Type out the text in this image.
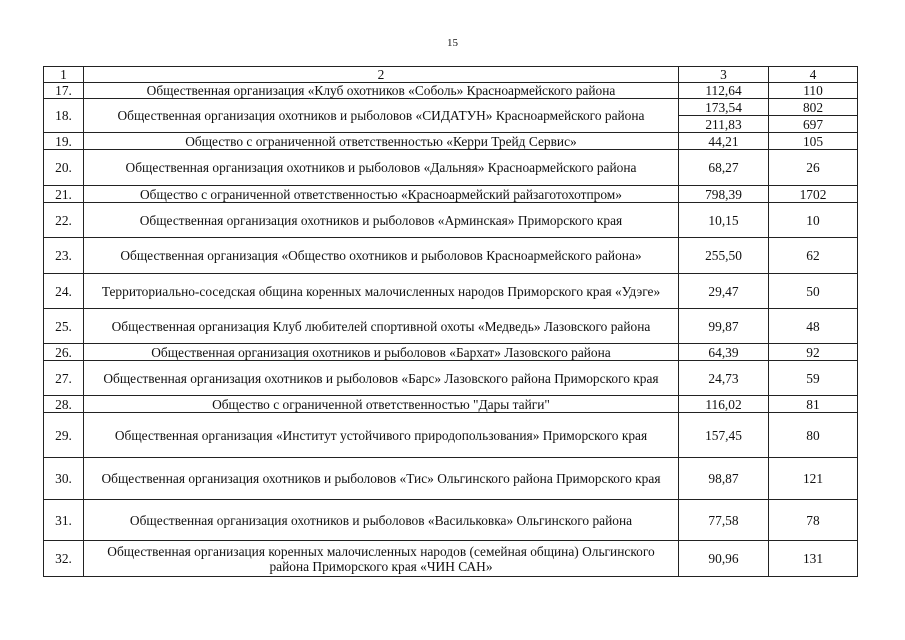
15
1	2	3	4
17.	Общественная организация «Клуб охотников «Соболь» Красноармейского района	112,64	110
18.	Общественная организация охотников и рыболовов «СИДАТУН» Красноармейского района	173,54	802
		211,83	697
19.	Общество с ограниченной ответственностью «Керри Трейд Сервис»	44,21	105
20.	Общественная организация охотников и рыболовов «Дальняя» Красноармейского района	68,27	26
21.	Общество с ограниченной ответственностью «Красноармейский райзаготохотпром»	798,39	1702
22.	Общественная организация охотников и рыболовов «Арминская» Приморского края	10,15	10
23.	Общественная организация «Общество охотников и рыболовов Красноармейского района»	255,50	62
24.	Территориально-соседская община коренных малочисленных народов Приморского края «Удэге»	29,47	50
25.	Общественная организация Клуб любителей спортивной охоты «Медведь» Лазовского района	99,87	48
26.	Общественная организация охотников и рыболовов «Бархат» Лазовского района	64,39	92
27.	Общественная организация охотников и рыболовов «Барс» Лазовского района Приморского края	24,73	59
28.	Общество с ограниченной ответственностью "Дары тайги"	116,02	81
29.	Общественная организация «Институт устойчивого природопользования» Приморского края	157,45	80
30.	Общественная организация охотников и рыболовов «Тис» Ольгинского района Приморского края	98,87	121
31.	Общественная организация охотников и рыболовов «Васильковка» Ольгинского района	77,58	78
32.	Общественная организация коренных малочисленных народов (семейная община) Ольгинского района Приморского края «ЧИН САН»	90,96	131
